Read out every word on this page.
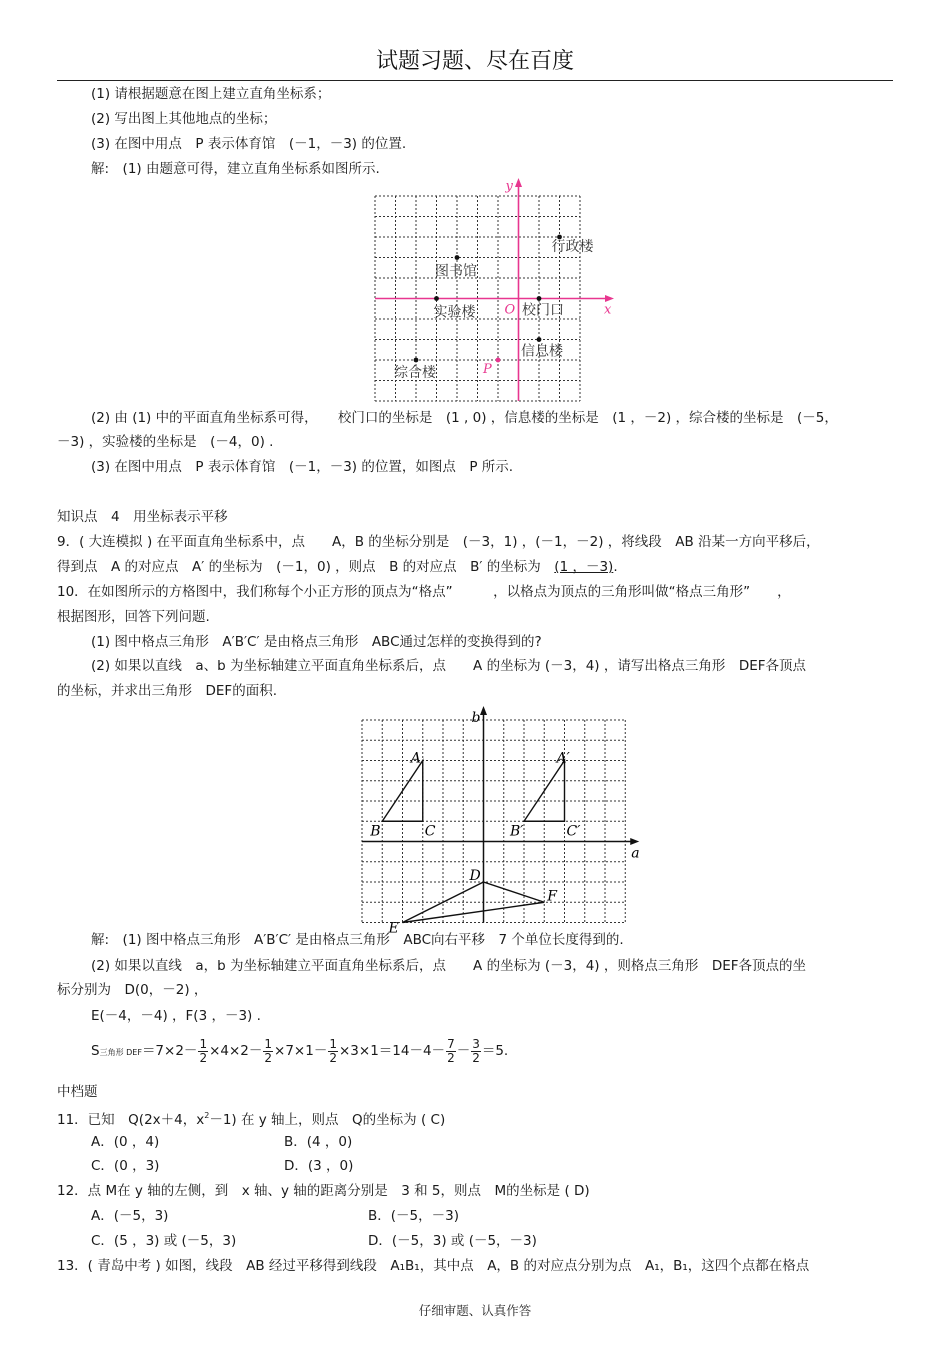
试题习题、尽在百度
(1) 请根据题意在图上建立直角坐标系；
(2) 写出图上其他地点的坐标；
(3) 在图中用点　P 表示体育馆　(－1，－3) 的位置.
解:　(1) 由题意可得，建立直角坐标系如图所示.
x
y
O
行政楼
图书馆
实验楼	校门口
信息楼
综合楼	P
(2) 由 (1) 中的平面直角坐标系可得，　　校门口的坐标是　(1 , 0) ，信息楼的坐标是　(1 ，－2) ，综合楼的坐标是　(－5，
－3) ，实验楼的坐标是　(－4，0) .
(3) 在图中用点　P 表示体育馆　(－1，－3) 的位置，如图点　P 所示.
知识点　4　用坐标表示平移
9．( 大连模拟 ) 在平面直角坐标系中，点　　A，B 的坐标分别是　(－3，1) ，(－1，－2) ，将线段　AB 沿某一方向平移后，
得到点　A 的对应点　A′ 的坐标为　(－1，0) ，则点　B 的对应点　B′ 的坐标为　(1 ，－3).
10．在如图所示的方格图中，我们称每个小正方形的顶点为“格点”　　　，以格点为顶点的三角形叫做“格点三角形”　　，
根据图形，回答下列问题.
(1) 图中格点三角形　A′B′C′ 是由格点三角形　ABC通过怎样的变换得到的?
(2) 如果以直线　a、b 为坐标轴建立平面直角坐标系后，点　　A 的坐标为 (－3，4) ，请写出格点三角形　DEF各顶点
的坐标，并求出三角形　DEF的面积.
a
b
A
B	C
A′
B′	C′
D
E
F
解:　(1) 图中格点三角形　A′B′C′ 是由格点三角形　ABC向右平移　7 个单位长度得到的.
(2) 如果以直线　a，b 为坐标轴建立平面直角坐标系后，点　　A 的坐标为 (－3，4) ，则格点三角形　DEF各顶点的坐
标分别为　D(0，－2) ，
E(－4，－4) ，F(3 ，－3) .
S三角形 $DEF=7\times 2- \frac{1}{2} \times 4\times 2- \frac{1}{2} \times 7\times 1- \frac{1}{2} \times 3\times 1=14-4- \frac{7}{2} - \frac{3}{2} =5$.
中档题
11．已知　Q(2x＋4，$x^2-1$) 在 y 轴上，则点　Q的坐标为 ( C)
A．(0 ，4)	B．(4 ，0)
C．(0 ，3)	D．(3 ，0)
12．点 M在 y 轴的左侧，到　x 轴、y 轴的距离分别是　3 和 5，则点　M的坐标是 ( D)
A．(－5，3)	B．(－5，－3)
C．(5 ，3) 或 (－5，3)	D．(－5，3) 或 (－5，－3)
13．( 青岛中考 ) 如图，线段　AB 经过平移得到线段　A₁B₁，其中点　A，B 的对应点分别为点　A₁，B₁，这四个点都在格点
仔细审题、认真作答
